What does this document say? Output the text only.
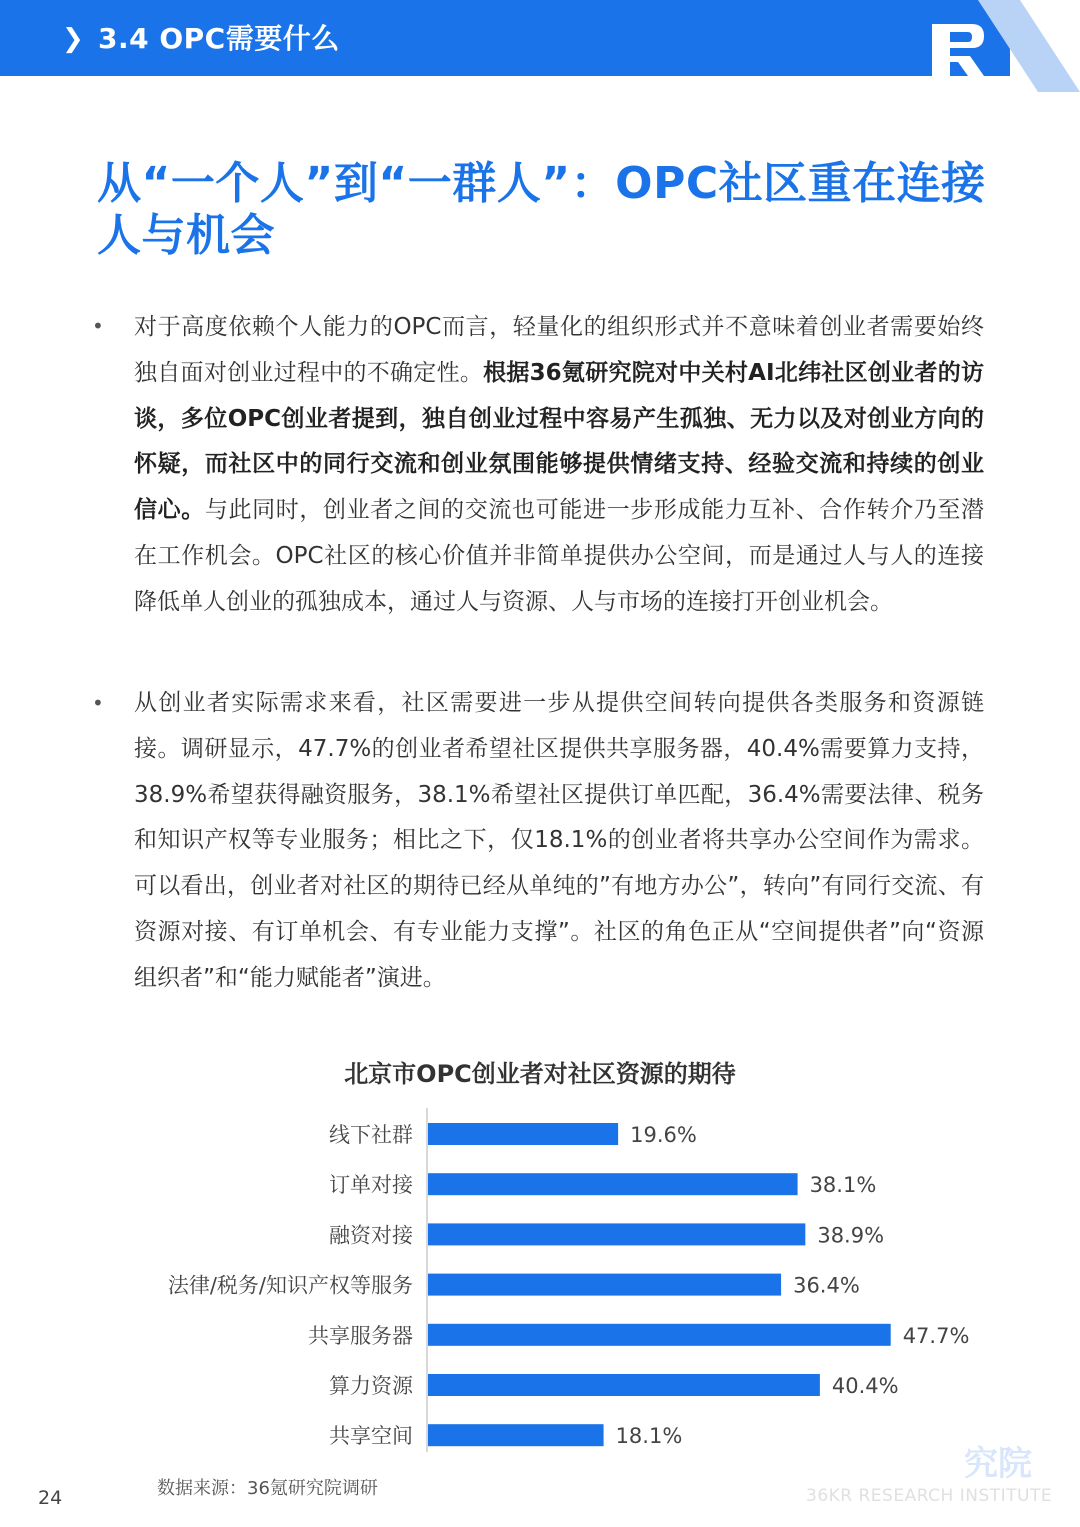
❯ 3.4 OPC需要什么
从“一个人”到“一群人”：OPC社区重在连接人与机会
• 对于高度依赖个人能力的OPC而言，轻量化的组织形式并不意味着创业者需要始终独自面对创业过程中的不确定性。根据36氪研究院对中关村AI北纬社区创业者的访谈，多位OPC创业者提到，独自创业过程中容易产生孤独、无力以及对创业方向的怀疑，而社区中的同行交流和创业氛围能够提供情绪支持、经验交流和持续的创业信心。与此同时，创业者之间的交流也可能进一步形成能力互补、合作转介乃至潜在工作机会。OPC社区的核心价值并非简单提供办公空间，而是通过人与人的连接降低单人创业的孤独成本，通过人与资源、人与市场的连接打开创业机会。
• 从创业者实际需求来看，社区需要进一步从提供空间转向提供各类服务和资源链接。调研显示，47.7%的创业者希望社区提供共享服务器，40.4%需要算力支持，38.9%希望获得融资服务，38.1%希望社区提供订单匹配，36.4%需要法律、税务和知识产权等专业服务；相比之下，仅18.1%的创业者将共享办公空间作为需求。可以看出，创业者对社区的期待已经从单纯的”有地方办公”，转向”有同行交流、有资源对接、有订单机会、有专业能力支撑”。社区的角色正从“空间提供者”向“资源组织者”和“能力赋能者”演进。
北京市OPC创业者对社区资源的期待
线下社群	19.6%
订单对接	38.1%
融资对接	38.9%
法律/税务/知识产权等服务	36.4%
共享服务器	47.7%
算力资源	40.4%
共享空间	18.1%
数据来源：36氪研究院调研
24
究院
36KR RESEARCH INSTITUTE
